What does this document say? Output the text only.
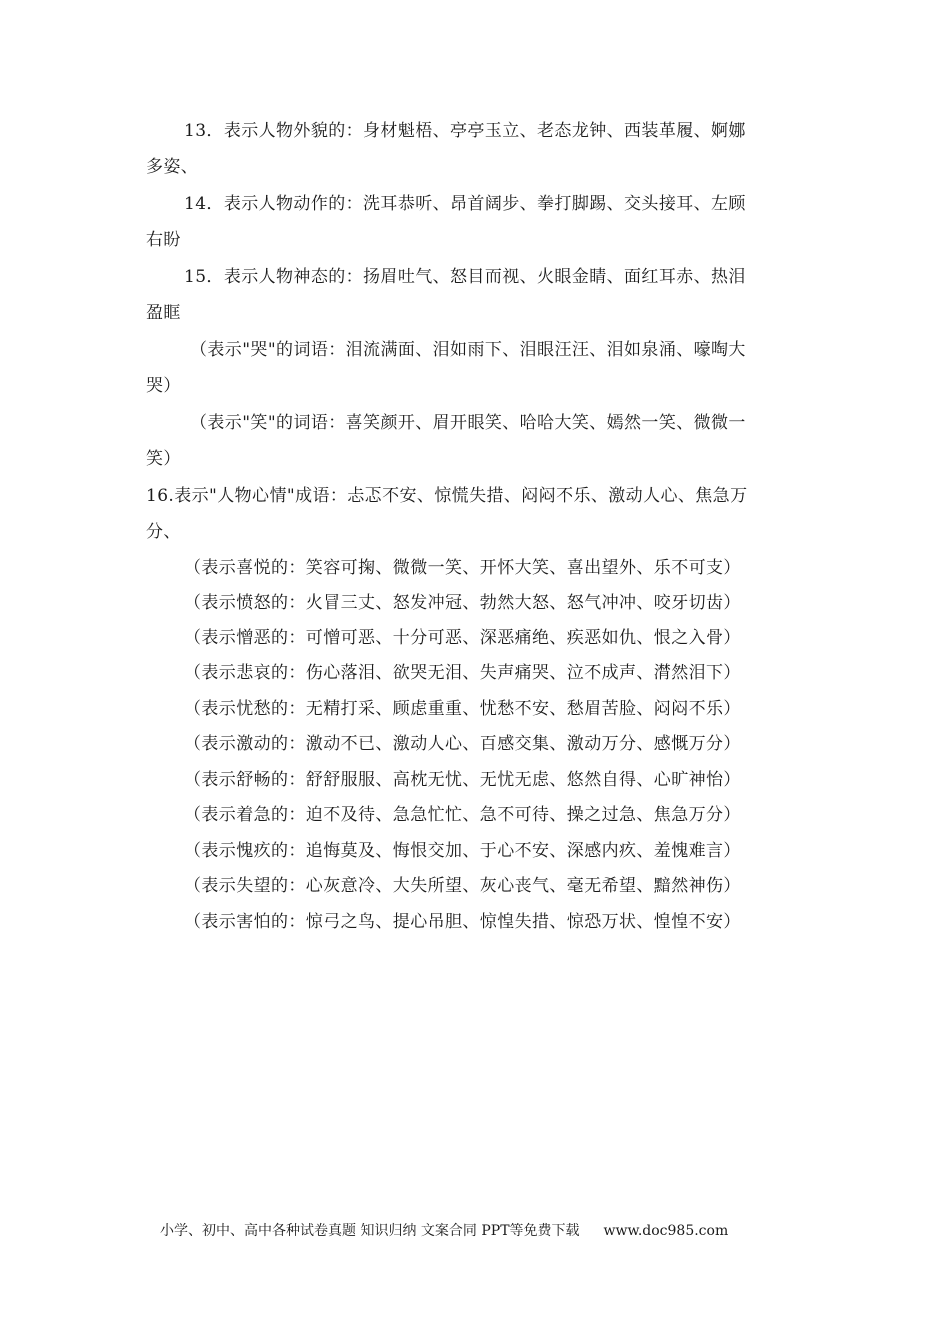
13．表示人物外貌的：身材魁梧、亭亭玉立、老态龙钟、西装革履、婀娜
多姿、
14．表示人物动作的：洗耳恭听、昂首阔步、拳打脚踢、交头接耳、左顾
右盼
15．表示人物神态的：扬眉吐气、怒目而视、火眼金睛、面红耳赤、热泪
盈眶
（表示"哭"的词语：泪流满面、泪如雨下、泪眼汪汪、泪如泉涌、嚎啕大
哭）
（表示"笑"的词语：喜笑颜开、眉开眼笑、哈哈大笑、嫣然一笑、微微一
笑）
16.表示"人物心情"成语：忐忑不安、惊慌失措、闷闷不乐、激动人心、焦急万
分、

（表示喜悦的：笑容可掬、微微一笑、开怀大笑、喜出望外、乐不可支）

（表示愤怒的：火冒三丈、怒发冲冠、勃然大怒、怒气冲冲、咬牙切齿）

（表示憎恶的：可憎可恶、十分可恶、深恶痛绝、疾恶如仇、恨之入骨）

（表示悲哀的：伤心落泪、欲哭无泪、失声痛哭、泣不成声、潸然泪下）

（表示忧愁的：无精打采、顾虑重重、忧愁不安、愁眉苦脸、闷闷不乐）

（表示激动的：激动不已、激动人心、百感交集、激动万分、感慨万分）

（表示舒畅的：舒舒服服、高枕无忧、无忧无虑、悠然自得、心旷神怡）

（表示着急的：迫不及待、急急忙忙、急不可待、操之过急、焦急万分）

（表示愧疚的：追悔莫及、悔恨交加、于心不安、深感内疚、羞愧难言）

（表示失望的：心灰意冷、大失所望、灰心丧气、毫无希望、黯然神伤）

（表示害怕的：惊弓之鸟、提心吊胆、惊惶失措、惊恐万状、惶惶不安）

小学、初中、高中各种试卷真题 知识归纳 文案合同 PPT等免费下载 www.doc985.com
